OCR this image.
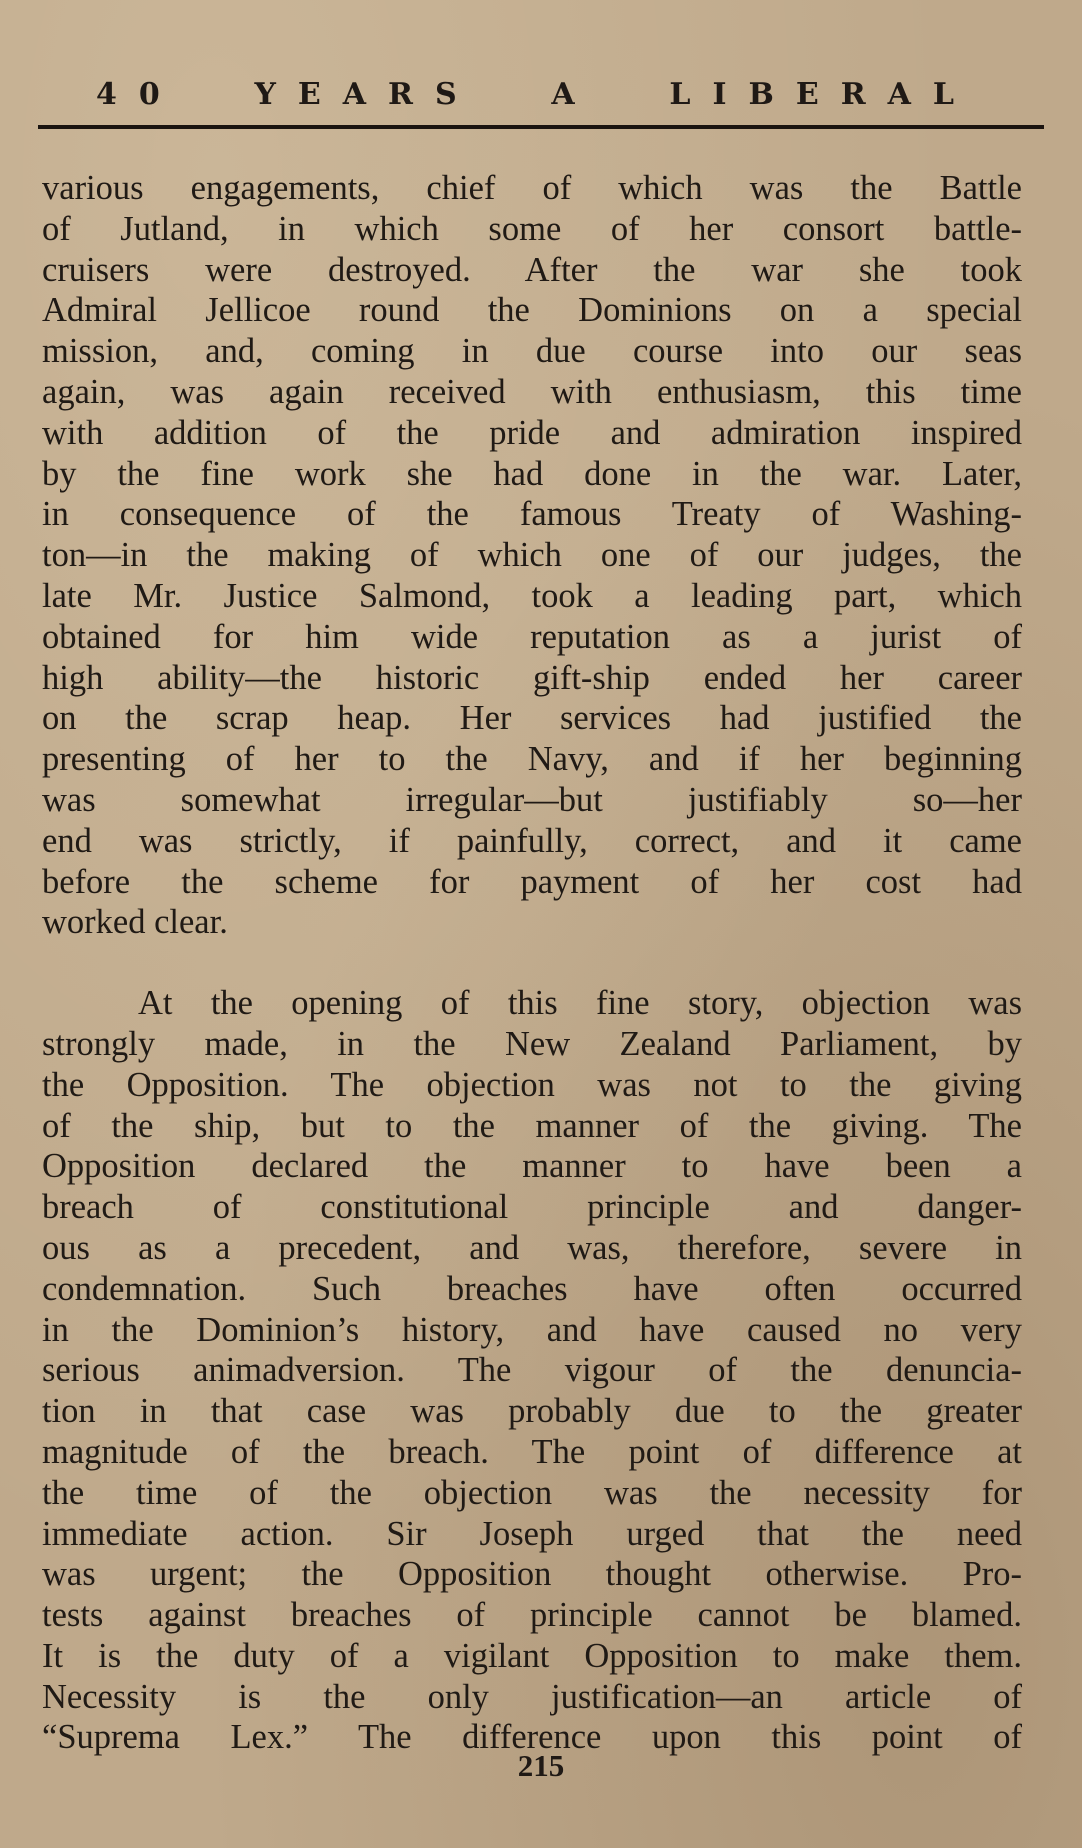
40 YEARS A LIBERAL
various engagements, chief of which was the Battle
of Jutland, in which some of her consort battle-
cruisers were destroyed. After the war she took
Admiral Jellicoe round the Dominions on a special
mission, and, coming in due course into our seas
again, was again received with enthusiasm, this time
with addition of the pride and admiration inspired
by the fine work she had done in the war. Later,
in consequence of the famous Treaty of Washing-
ton—in the making of which one of our judges, the
late Mr. Justice Salmond, took a leading part, which
obtained for him wide reputation as a jurist of
high ability—the historic gift-ship ended her career
on the scrap heap. Her services had justified the
presenting of her to the Navy, and if her beginning
was somewhat irregular—but justifiably so—her
end was strictly, if painfully, correct, and it came
before the scheme for payment of her cost had
worked clear.
At the opening of this fine story, objection was
strongly made, in the New Zealand Parliament, by
the Opposition. The objection was not to the giving
of the ship, but to the manner of the giving. The
Opposition declared the manner to have been a
breach of constitutional principle and danger-
ous as a precedent, and was, therefore, severe in
condemnation. Such breaches have often occurred
in the Dominion’s history, and have caused no very
serious animadversion. The vigour of the denuncia-
tion in that case was probably due to the greater
magnitude of the breach. The point of difference at
the time of the objection was the necessity for
immediate action. Sir Joseph urged that the need
was urgent; the Opposition thought otherwise. Pro-
tests against breaches of principle cannot be blamed.
It is the duty of a vigilant Opposition to make them.
Necessity is the only justification—an article of
“Suprema Lex.” The difference upon this point of
215
